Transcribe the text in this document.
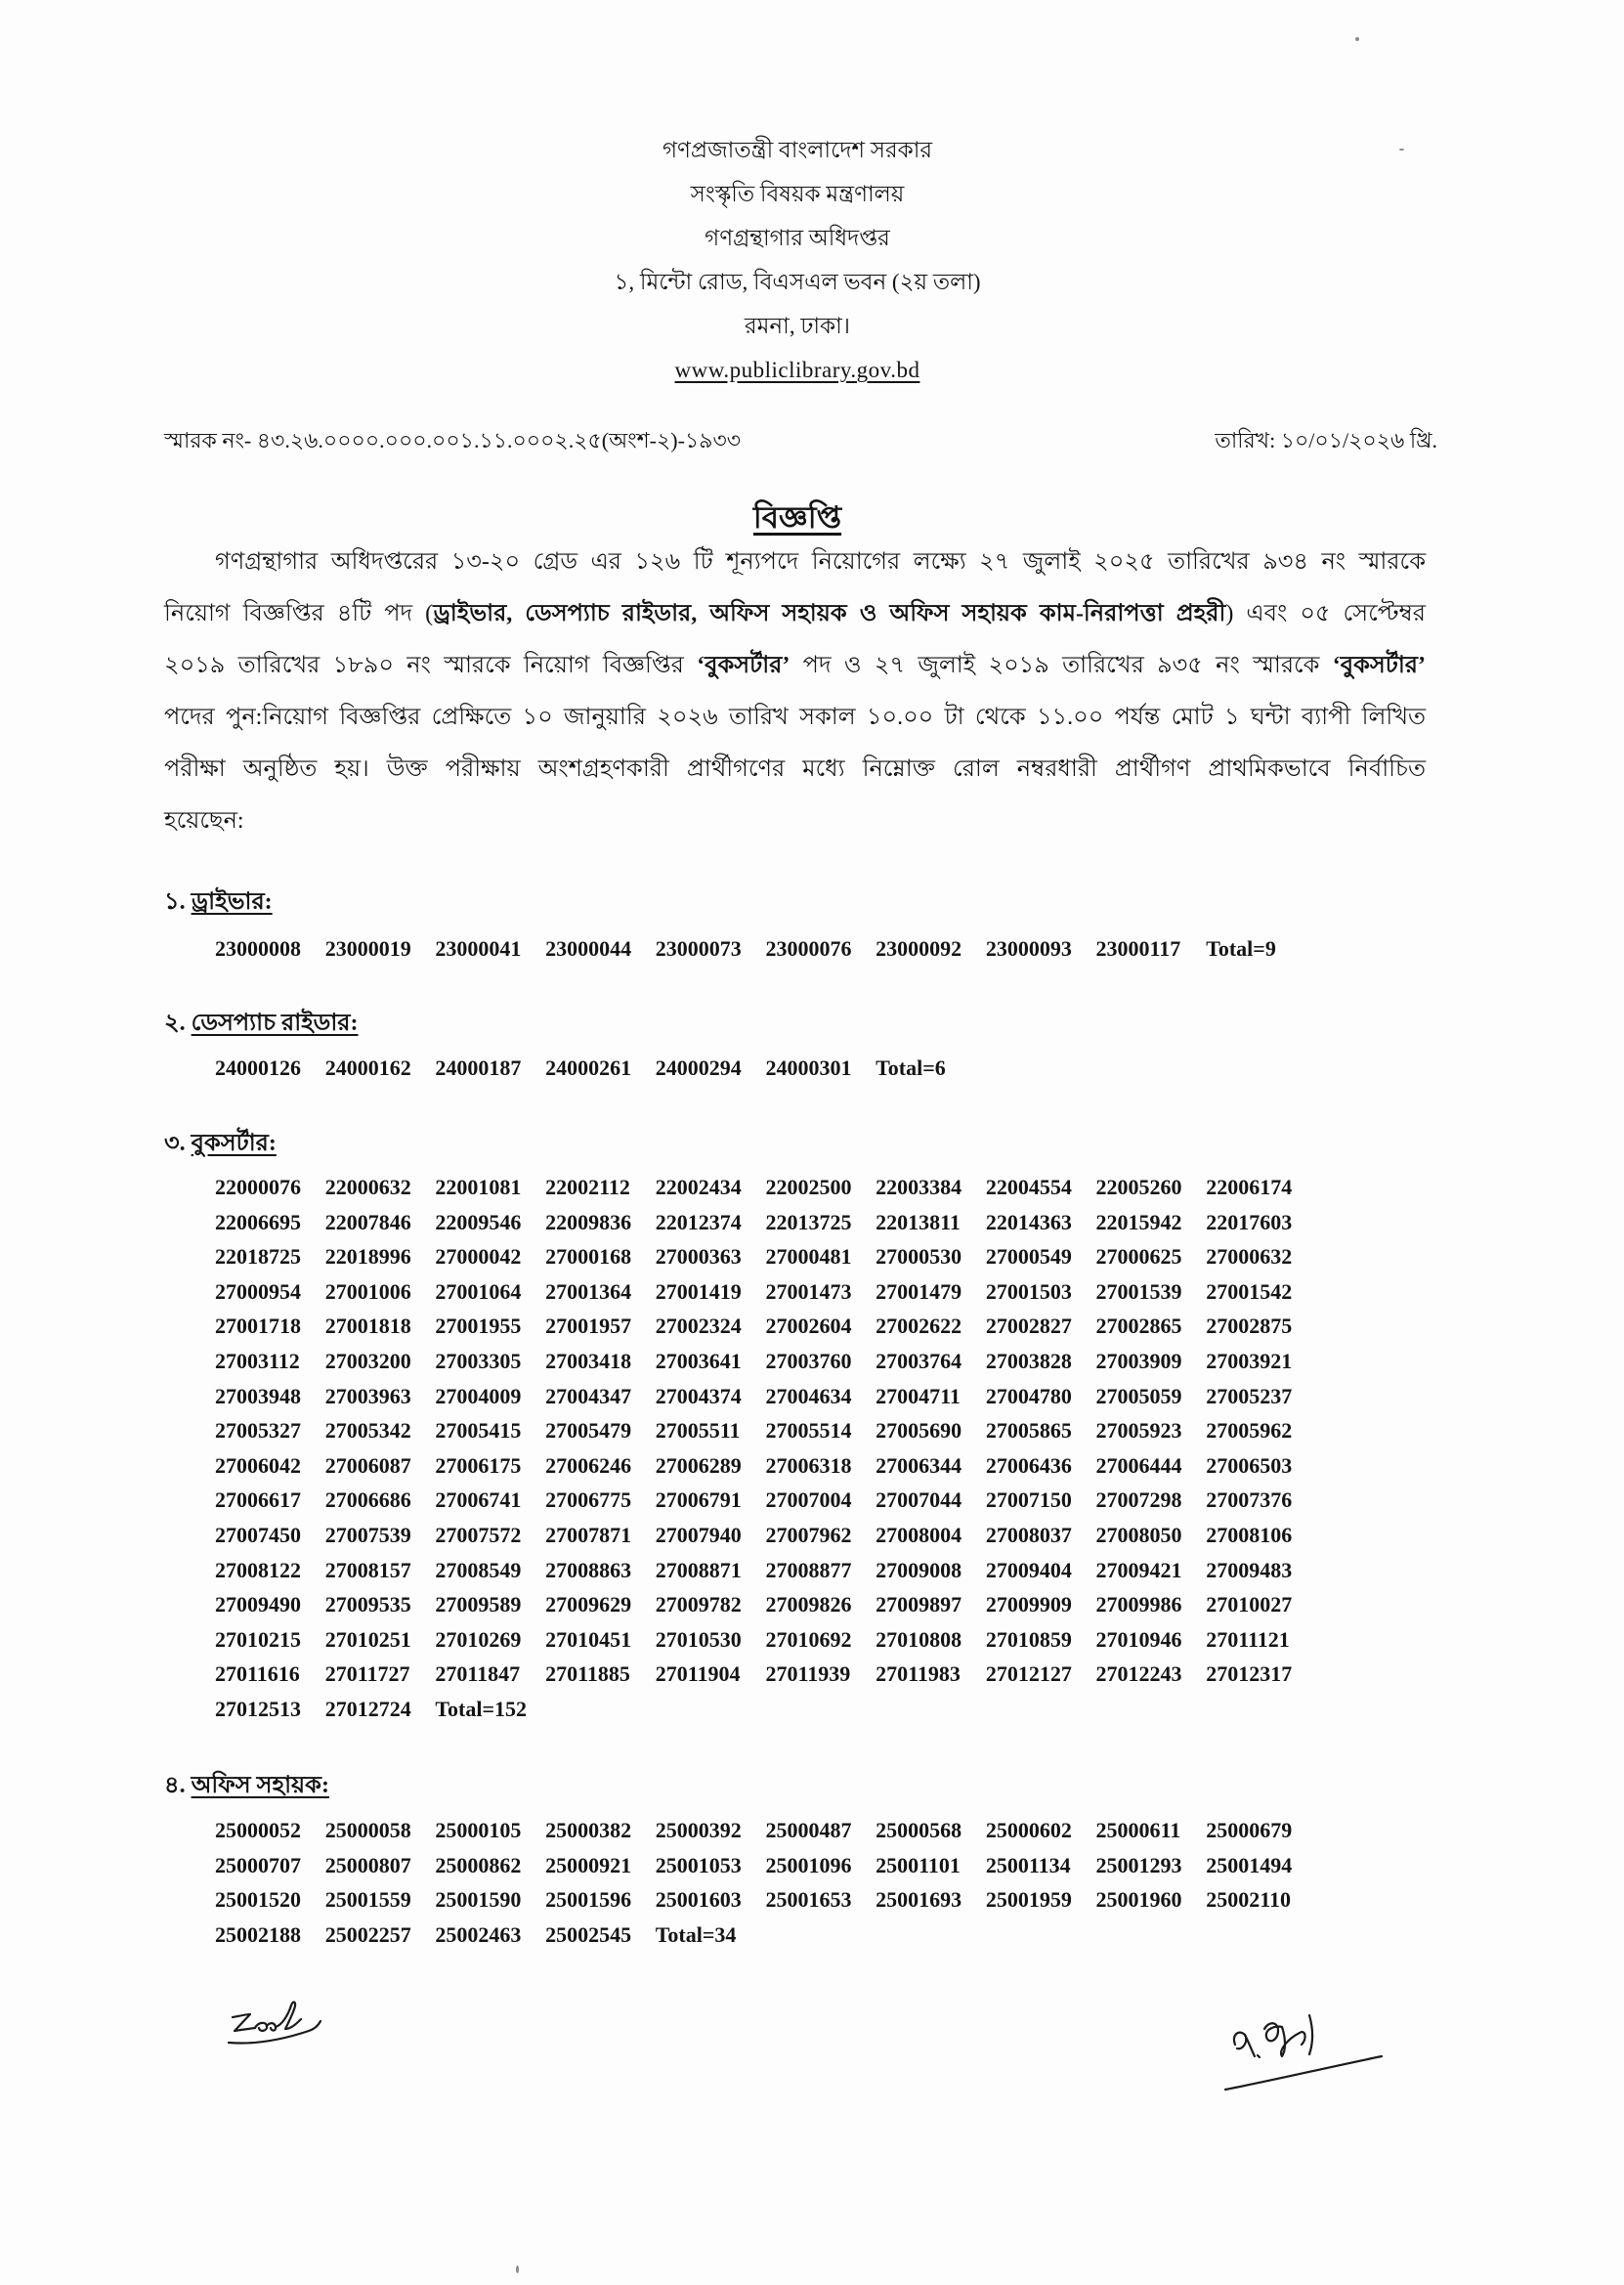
গণপ্রজাতন্ত্রী বাংলাদেশ সরকার
সংস্কৃতি বিষয়ক মন্ত্রণালয়
গণগ্রন্থাগার অধিদপ্তর
১, মিন্টো রোড, বিএসএল ভবন (২য় তলা)
রমনা, ঢাকা।
www.publiclibrary.gov.bd
স্মারক নং- ৪৩.২৬.০০০০.০০০.০০১.১১.০০০২.২৫(অংশ-২)-১৯৩৩	তারিখ: ১০/০১/২০২৬ খ্রি.
বিজ্ঞপ্তি
গণগ্রন্থাগার অধিদপ্তরের ১৩-২০ গ্রেড এর ১২৬ টি শূন্যপদে নিয়োগের লক্ষ্যে ২৭ জুলাই ২০২৫ তারিখের ৯৩৪ নং স্মারকে
নিয়োগ বিজ্ঞপ্তির ৪টি পদ (ড্রাইভার, ডেসপ্যাচ রাইডার, অফিস সহায়ক ও অফিস সহায়ক কাম-নিরাপত্তা প্রহরী) এবং ০৫ সেপ্টেম্বর
২০১৯ তারিখের ১৮৯০ নং স্মারকে নিয়োগ বিজ্ঞপ্তির ‘বুকসর্টার’ পদ ও ২৭ জুলাই ২০১৯ তারিখের ৯৩৫ নং স্মারকে ‘বুকসর্টার’
পদের পুন:নিয়োগ বিজ্ঞপ্তির প্রেক্ষিতে ১০ জানুয়ারি ২০২৬ তারিখ সকাল ১০.০০ টা থেকে ১১.০০ পর্যন্ত মোট ১ ঘন্টা ব্যাপী লিখিত
পরীক্ষা অনুষ্ঠিত হয়। উক্ত পরীক্ষায় অংশগ্রহণকারী প্রার্থীগণের মধ্যে নিম্নোক্ত রোল নম্বরধারী প্রার্থীগণ প্রাথমিকভাবে নির্বাচিত
হয়েছেন:
১. ড্রাইভার:
23000008	23000019	23000041	23000044	23000073	23000076	23000092	23000093	23000117	Total=9
২. ডেসপ্যাচ রাইডার:
24000126	24000162	24000187	24000261	24000294	24000301	Total=6
৩. বুকসর্টার:
22000076	22000632	22001081	22002112	22002434	22002500	22003384	22004554	22005260	22006174
22006695	22007846	22009546	22009836	22012374	22013725	22013811	22014363	22015942	22017603
22018725	22018996	27000042	27000168	27000363	27000481	27000530	27000549	27000625	27000632
27000954	27001006	27001064	27001364	27001419	27001473	27001479	27001503	27001539	27001542
27001718	27001818	27001955	27001957	27002324	27002604	27002622	27002827	27002865	27002875
27003112	27003200	27003305	27003418	27003641	27003760	27003764	27003828	27003909	27003921
27003948	27003963	27004009	27004347	27004374	27004634	27004711	27004780	27005059	27005237
27005327	27005342	27005415	27005479	27005511	27005514	27005690	27005865	27005923	27005962
27006042	27006087	27006175	27006246	27006289	27006318	27006344	27006436	27006444	27006503
27006617	27006686	27006741	27006775	27006791	27007004	27007044	27007150	27007298	27007376
27007450	27007539	27007572	27007871	27007940	27007962	27008004	27008037	27008050	27008106
27008122	27008157	27008549	27008863	27008871	27008877	27009008	27009404	27009421	27009483
27009490	27009535	27009589	27009629	27009782	27009826	27009897	27009909	27009986	27010027
27010215	27010251	27010269	27010451	27010530	27010692	27010808	27010859	27010946	27011121
27011616	27011727	27011847	27011885	27011904	27011939	27011983	27012127	27012243	27012317
27012513	27012724	Total=152
৪. অফিস সহায়ক:
25000052	25000058	25000105	25000382	25000392	25000487	25000568	25000602	25000611	25000679
25000707	25000807	25000862	25000921	25001053	25001096	25001101	25001134	25001293	25001494
25001520	25001559	25001590	25001596	25001603	25001653	25001693	25001959	25001960	25002110
25002188	25002257	25002463	25002545	Total=34
